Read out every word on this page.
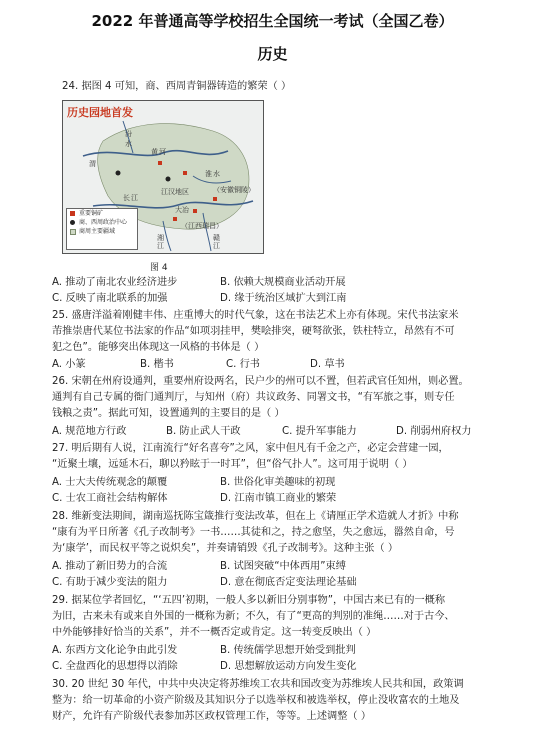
2022 年普通高等学校招生全国统一考试（全国乙卷）
历史
24. 据图 4 可知，商、西周青铜器铸造的繁荣（ ）
历史园地首发
汾
水
黄 河
渭
淮 水
长 江
江汉地区	（安徽铜陵）
（江西瑞昌）
大冶
湘
江
赣
江
重要铜矿
商、西周政治中心
商周主要疆域
图 4
A. 推动了南北农业经济进步	B. 依赖大规模商业活动开展
C. 反映了南北联系的加强	D. 缘于统治区域扩大到江南
25. 盛唐洋溢着刚健丰伟、庄重博大的时代气象，这在书法艺术上亦有体现。宋代书法家米
芾推崇唐代某位书法家的作品“如项羽挂甲，樊哙排突，硬弩欲张，铁柱特立，昂然有不可
犯之色”。能够突出体现这一风格的书体是（ ）
A. 小篆	B. 楷书	C. 行书	D. 草书
26. 宋朝在州府设通判，重要州府设两名，民户少的州可以不置，但若武官任知州，则必置。
通判有自己专属的衙门通判厅，与知州（府）共议政务、同署文书，“有军旅之事，则专任
钱粮之责”。据此可知，设置通判的主要目的是（ ）
A. 规范地方行政	B. 防止武人干政	C. 提升军事能力	D. 削弱州府权力
27. 明后期有人说，江南流行“好名喜夸”之风，家中但凡有千金之产，必定会营建一园，
“近聚土壤，远延木石，聊以矜眩于一时耳”，但“俗气扑人”。这可用于说明（ ）
A. 士大夫传统观念的颠覆	B. 世俗化审美趣味的初现
C. 士农工商社会结构解体	D. 江南市镇工商业的繁荣
28. 维新变法期间，湖南巡抚陈宝箴推行变法改革，但在上《请厘正学术造就人才折》中称
“康有为平日所著《孔子改制考》一书……其徒和之，持之愈坚，失之愈远，嚣然自命，号
为‘康学’，而民权平等之说炽矣”，并奏请销毁《孔子改制考》。这种主张（ ）
A. 推动了新旧势力的合流	B. 试图突破“中体西用”束缚
C. 有助于减少变法的阻力	D. 意在彻底否定变法理论基础
29. 据某位学者回忆，“‘五四’初期，一般人多以新旧分别事物”，中国古来已有的一概称
为旧，古来未有或来自外国的一概称为新；不久，有了“更高的判别的准绳……对于古今、
中外能够排好恰当的关系”，并不一概否定或肯定。这一转变反映出（ ）
A. 东西方文化论争由此引发	B. 传统儒学思想开始受到批判
C. 全盘西化的思想得以消除	D. 思想解放运动方向发生变化
30. 20 世纪 30 年代，中共中央决定将苏维埃工农共和国改变为苏维埃人民共和国，政策调
整为：给一切革命的小资产阶级及其知识分子以选举权和被选举权，停止没收富农的土地及
财产，允许有产阶级代表参加苏区政权管理工作，等等。上述调整（ ）
